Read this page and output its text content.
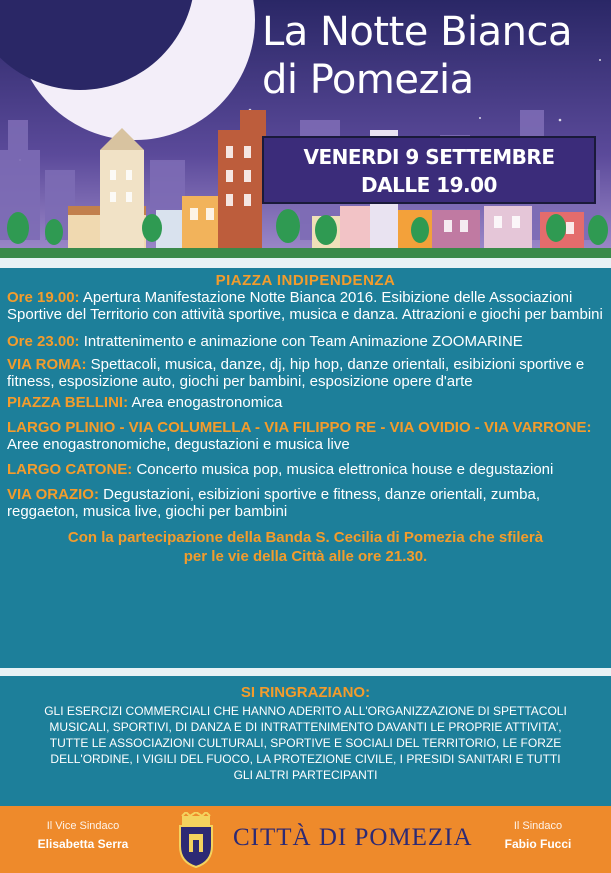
La Notte Bianca
di Pomezia
VENERDI 9 SETTEMBRE
DALLE 19.00
PIAZZA INDIPENDENZA

Ore 19.00: Apertura Manifestazione Notte Bianca 2016. Esibizione delle Associazioni Sportive del Territorio con attività sportive, musica e danza. Attrazioni e giochi per bambini

Ore 23.00: Intrattenimento e animazione con Team Animazione ZOOMARINE

VIA ROMA: Spettacoli, musica, danze, dj, hip hop, danze orientali, esibizioni sportive e fitness, esposizione auto, giochi per bambini, esposizione opere d'arte

PIAZZA BELLINI: Area enogastronomica

LARGO PLINIO - VIA COLUMELLA - VIA FILIPPO RE - VIA OVIDIO - VIA VARRONE: Aree enogastronomiche, degustazioni e musica live

LARGO CATONE: Concerto musica pop, musica elettronica house e degustazioni

VIA ORAZIO: Degustazioni, esibizioni sportive e fitness, danze orientali, zumba, reggaeton, musica live, giochi per bambini

Con la partecipazione della Banda S. Cecilia di Pomezia che sfilerà
per le vie della Città alle ore 21.30.
SI RINGRAZIANO:
GLI ESERCIZI COMMERCIALI CHE HANNO ADERITO ALL'ORGANIZZAZIONE DI SPETTACOLI MUSICALI, SPORTIVI, DI DANZA E DI INTRATTENIMENTO DAVANTI LE PROPRIE ATTIVITA', TUTTE LE ASSOCIAZIONI CULTURALI, SPORTIVE E SOCIALI DEL TERRITORIO, LE FORZE DELL'ORDINE, I VIGILI DEL FUOCO, LA PROTEZIONE CIVILE, I PRESIDI SANITARI E TUTTI GLI ALTRI PARTECIPANTI
Il Vice Sindaco
Elisabetta Serra	CITTÀ DI POMEZIA	Il Sindaco
Fabio Fucci
